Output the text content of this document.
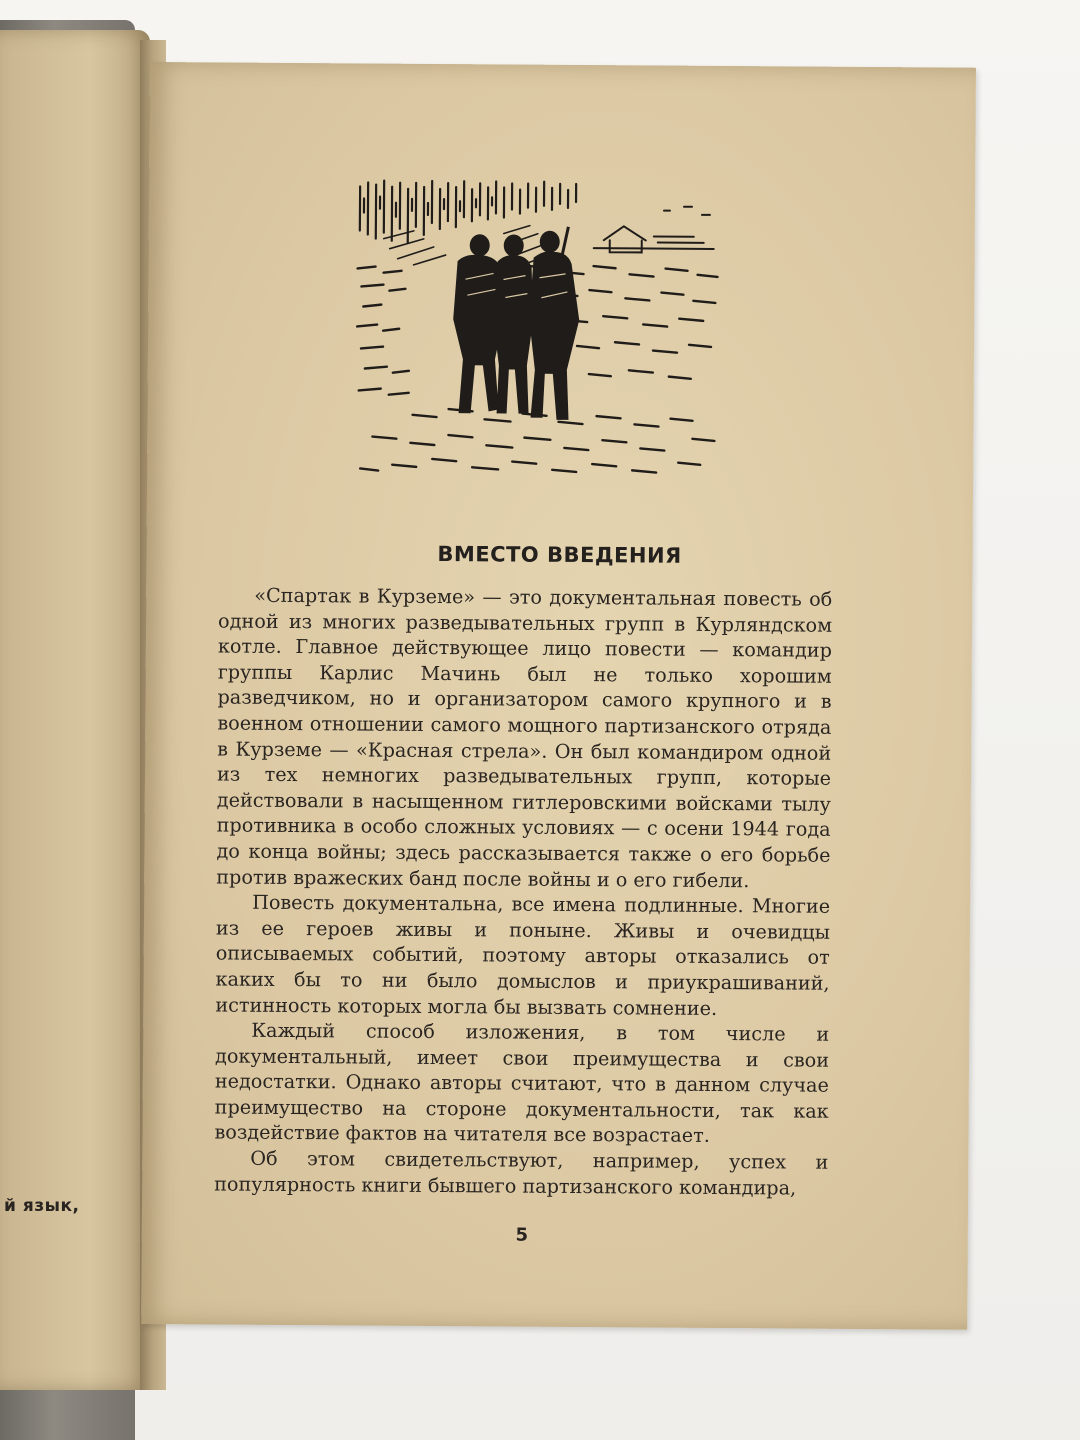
й язык,
ВМЕСТО ВВЕДЕНИЯ

«Спартак в Курземе» — это документальная повесть об одной из многих разведывательных групп в Курляндском котле. Главное действующее лицо повести — командир группы Карлис Мачинь был не только хорошим разведчиком, но и организатором самого крупного и в военном отношении самого мощного партизанского отряда в Курземе — «Красная стрела». Он был командиром одной из тех немногих разведывательных групп, которые действовали в насыщенном гитлеровскими войсками тылу противника в особо сложных условиях — с осени 1944 года до конца войны; здесь рассказывается также о его борьбе против вражеских банд после войны и о его гибели.

Повесть документальна, все имена подлинные. Многие из ее героев живы и поныне. Живы и очевидцы описываемых событий, поэтому авторы отказались от каких бы то ни было домыслов и приукрашиваний, истинность которых могла бы вызвать сомнение.

Каждый способ изложения, в том числе и документальный, имеет свои преимущества и свои недостатки. Однако авторы считают, что в данном случае преимущество на стороне документальности, так как воздействие фактов на читателя все возрастает.

Об этом свидетельствуют, например, успех и популярность книги бывшего партизанского командира,

5
